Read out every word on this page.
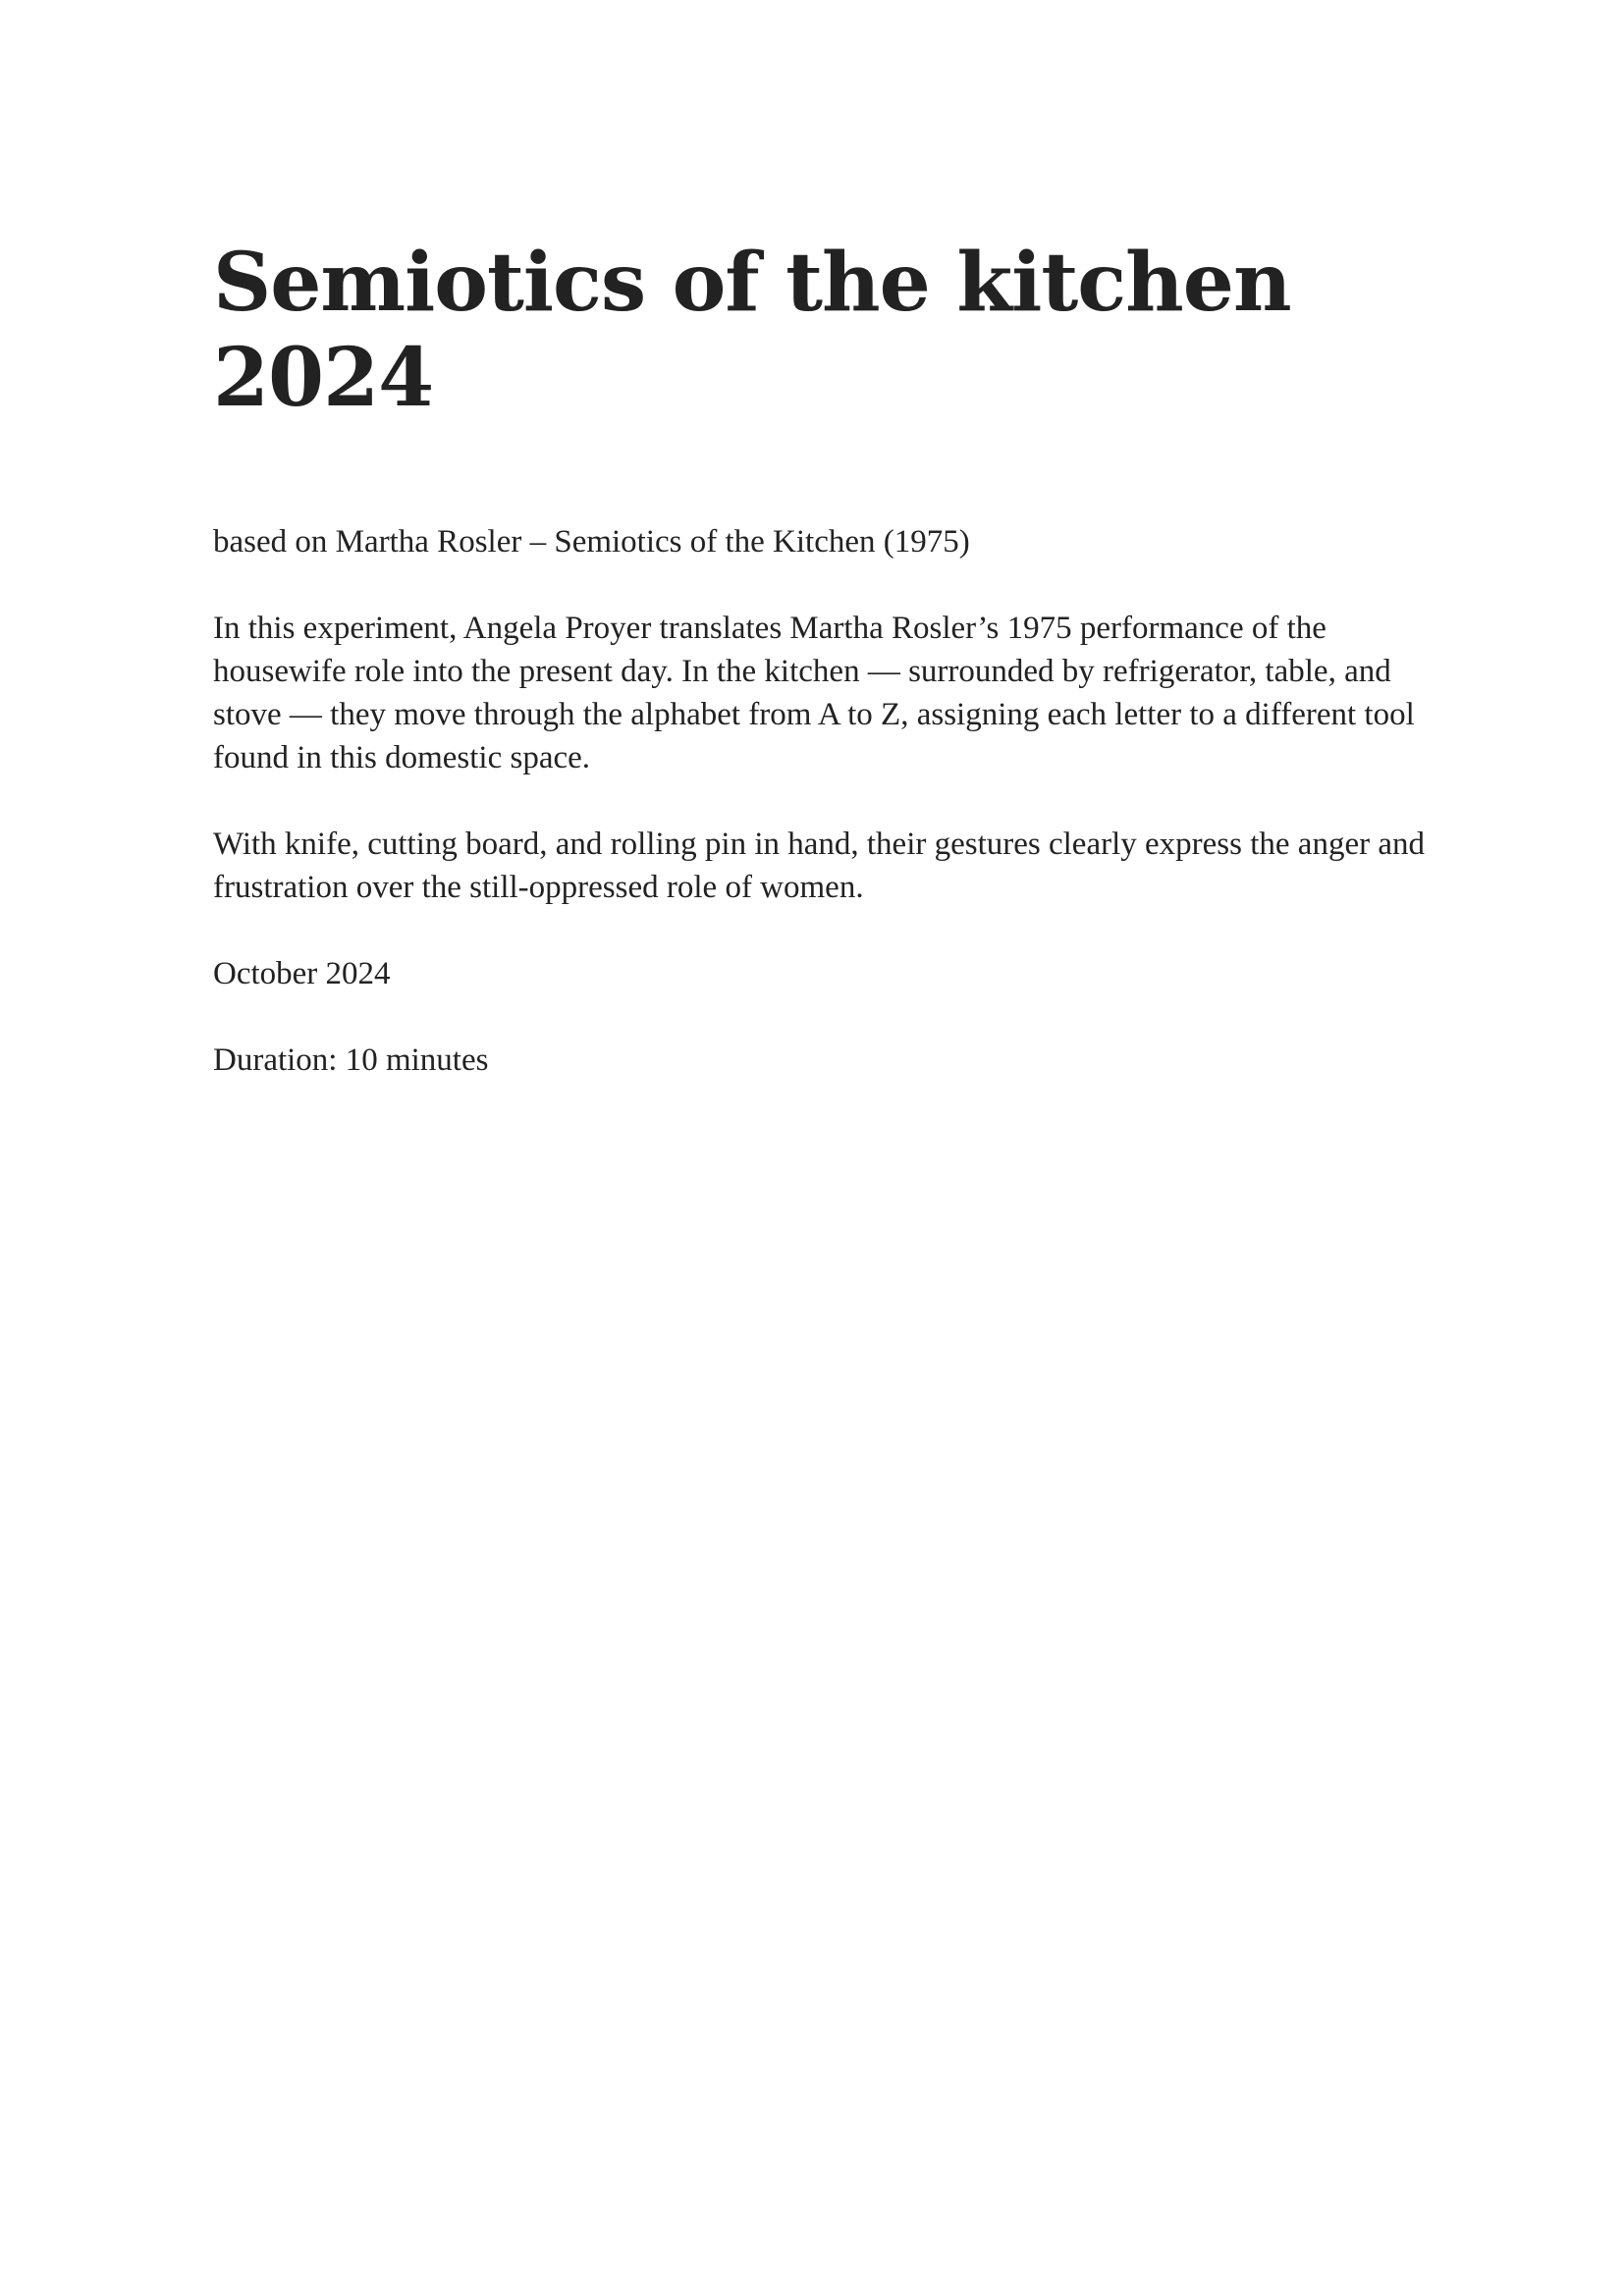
Semiotics of the kitchen
2024

based on Martha Rosler – Semiotics of the Kitchen (1975)

In this experiment, Angela Proyer translates Martha Rosler’s 1975 performance of the housewife role into the present day. In the kitchen — surrounded by refrigerator, table, and stove — they move through the alphabet from A to Z, assigning each letter to a different tool found in this domestic space.

With knife, cutting board, and rolling pin in hand, their gestures clearly express the anger and frustration over the still-oppressed role of women.

October 2024

Duration: 10 minutes
